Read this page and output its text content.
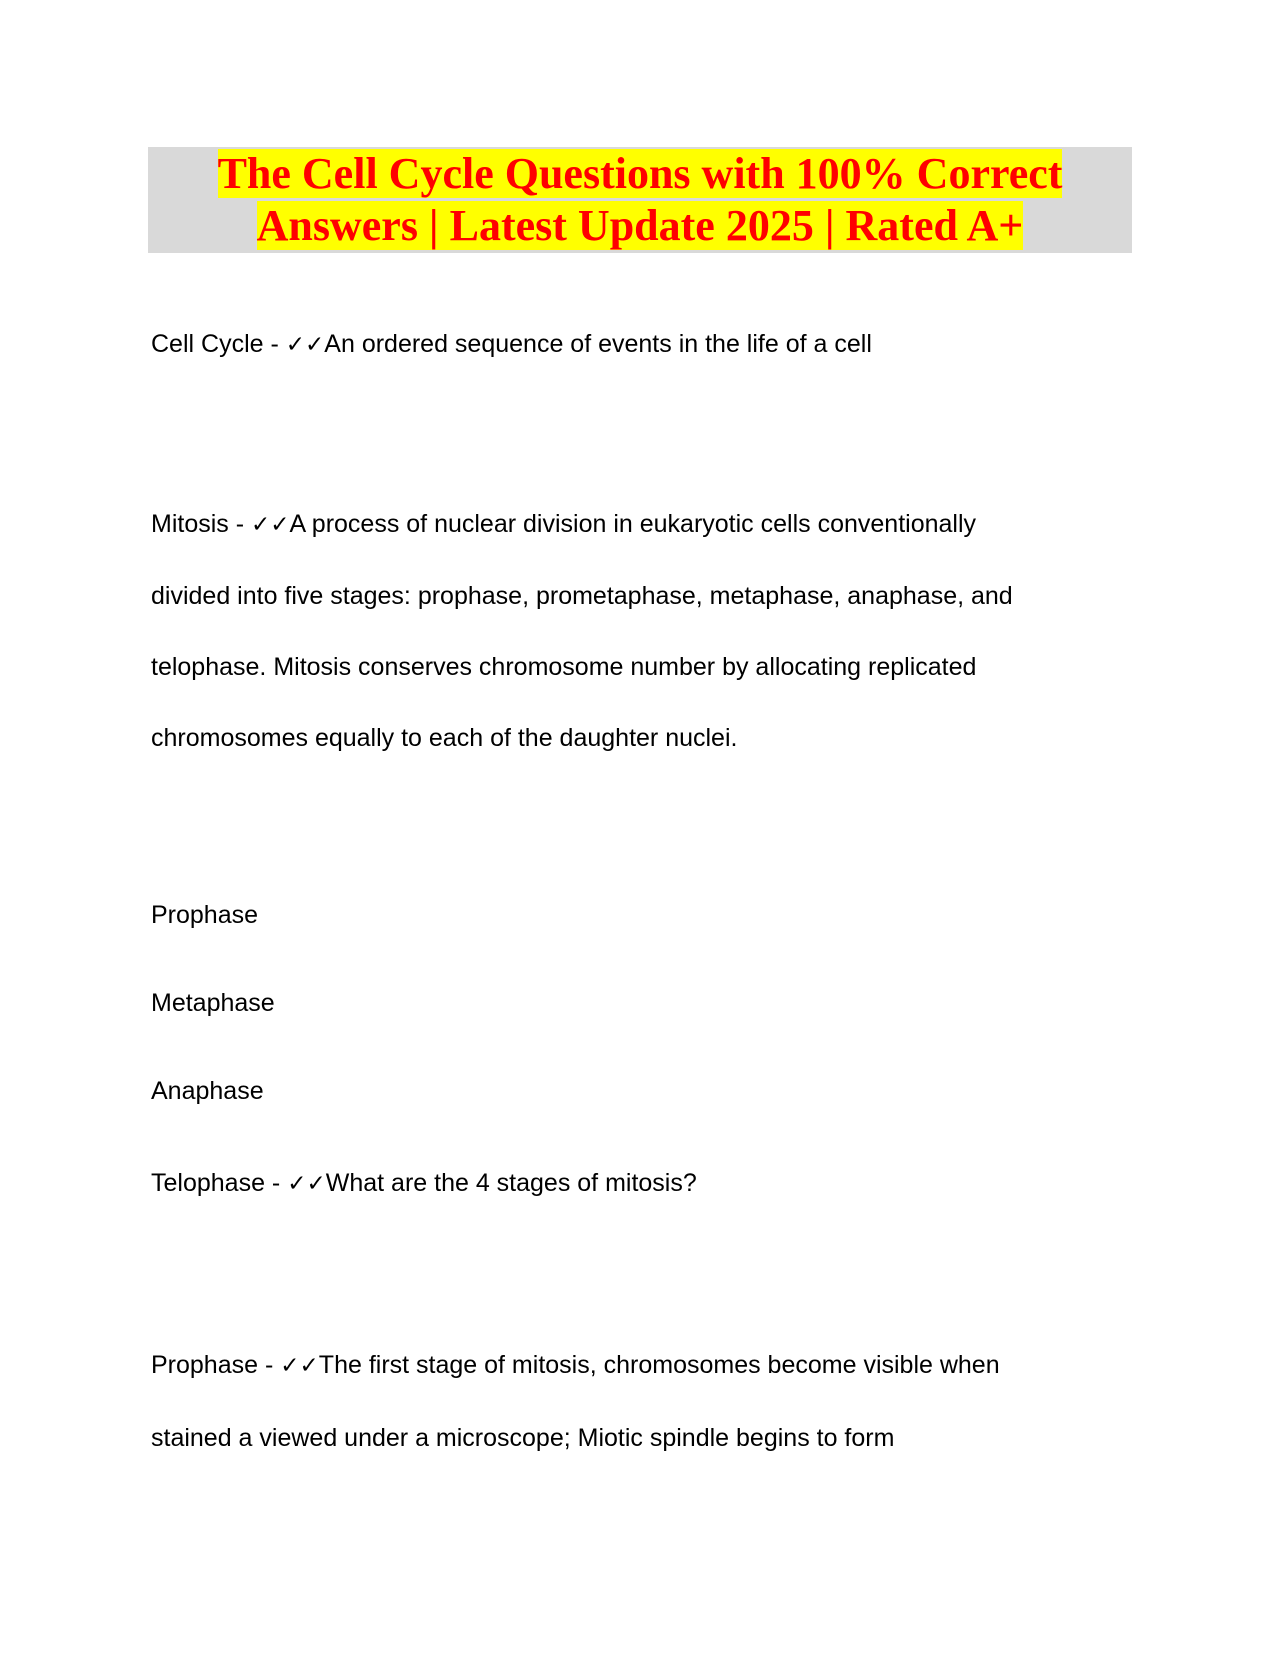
The Cell Cycle Questions with 100% Correct
Answers | Latest Update 2025 | Rated A+

Cell Cycle - ✓✓An ordered sequence of events in the life of a cell

Mitosis - ✓✓A process of nuclear division in eukaryotic cells conventionally

divided into five stages: prophase, prometaphase, metaphase, anaphase, and

telophase. Mitosis conserves chromosome number by allocating replicated

chromosomes equally to each of the daughter nuclei.

Prophase

Metaphase

Anaphase

Telophase - ✓✓What are the 4 stages of mitosis?

Prophase - ✓✓The first stage of mitosis, chromosomes become visible when

stained a viewed under a microscope; Miotic spindle begins to form
